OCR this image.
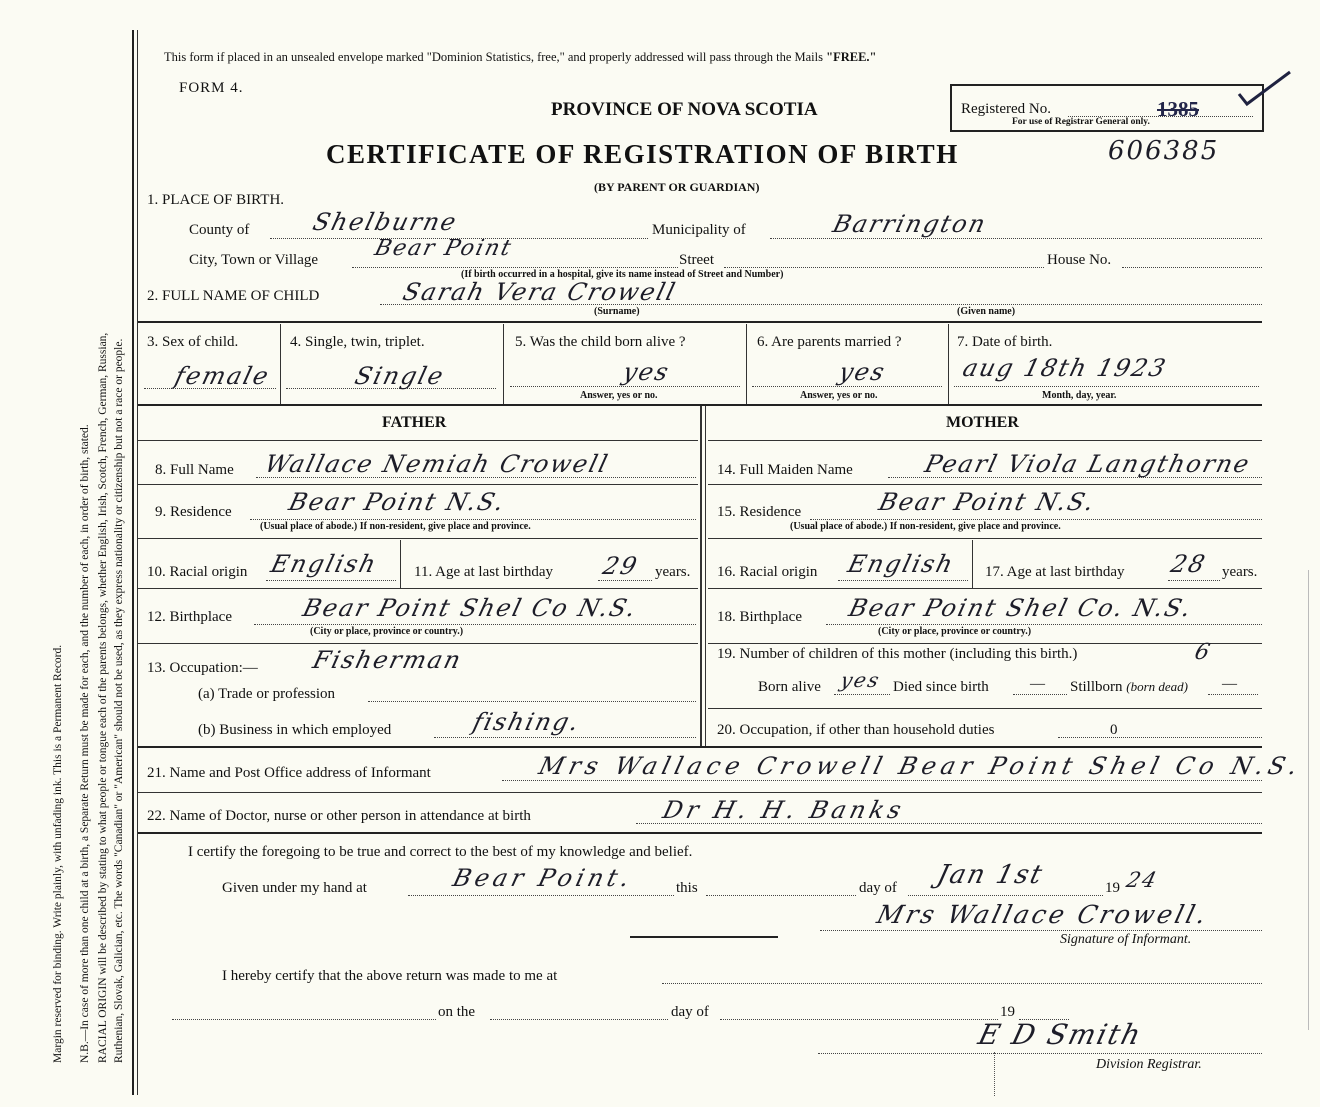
Margin reserved for binding. Write plainly, with unfading ink. This is a Permanent Record. N.B.—In case of more than one child at a birth, a Separate Return must be made for each, and the number of each, in order of birth, stated. RACIAL ORIGIN will be described by stating to what people or tongue each of the parents belongs, whether English, Irish, Scotch, French, German, Russian, Ruthenian, Slovak, Galician, etc. The words "Canadian" or "American" should not be used, as they express nationality or citizenship but not a race or people.
This form if placed in an unsealed envelope marked "Dominion Statistics, free," and properly addressed will pass through the Mails "FREE."
FORM 4.
PROVINCE OF NOVA SCOTIA	Registered No.	1385
For use of Registrar General only.
CERTIFICATE OF REGISTRATION OF BIRTH	606385
(BY PARENT OR GUARDIAN)
1. PLACE OF BIRTH.
County of	Shelburne	Municipality of	Barrington
City, Town or Village Bear Point	Street	House No.
(If birth occurred in a hospital, give its name instead of Street and Number)
2. FULL NAME OF CHILD	Sarah Vera Crowell
(Surname)	(Given name)
3. Sex of child.
female
4. Single, twin, triplet.
Single
5. Was the child born alive ?
yes
Answer, yes or no.
6. Are parents married ?
yes
Answer, yes or no.
7. Date of birth.
aug 18th 1923
Month, day, year.
FATHER	MOTHER
8. Full Name Wallace Nemiah Crowell	14. Full Maiden Name	Pearl Viola Langthorne
9. Residence Bear Point N.S.
(Usual place of abode.) If non-resident, give place and province.
15. Residence	Bear Point N.S.
(Usual place of abode.) If non-resident, give place and province.
10. Racial origin English 11. Age at last birthday 29 years. 16. Racial origin English 17. Age at last birthday 28 years.
12. Birthplace	Bear Point Shel Co N.S.
(City or place, province or country.)
18. Birthplace Bear Point Shel Co. N.S.
(City or place, province or country.)
13. Occupation:— Fisherman
(a) Trade or profession
(b) Business in which employed	fishing.
19. Number of children of this mother (including this birth.)	6
Born alive yes Died since birth	— Stillborn (born dead) —
20. Occupation, if other than household duties	0
21. Name and Post Office address of Informant	Mrs Wallace Crowell Bear Point Shel Co N.S.
22. Name of Doctor, nurse or other person in attendance at birth	Dr H. H. Banks
I certify the foregoing to be true and correct to the best of my knowledge and belief.
Given under my hand at	Bear Point.	this	day of Jan 1st	19 24
Mrs Wallace Crowell.
Signature of Informant.
I hereby certify that the above return was made to me at
on the	day of	19
E D Smith
Division Registrar.
